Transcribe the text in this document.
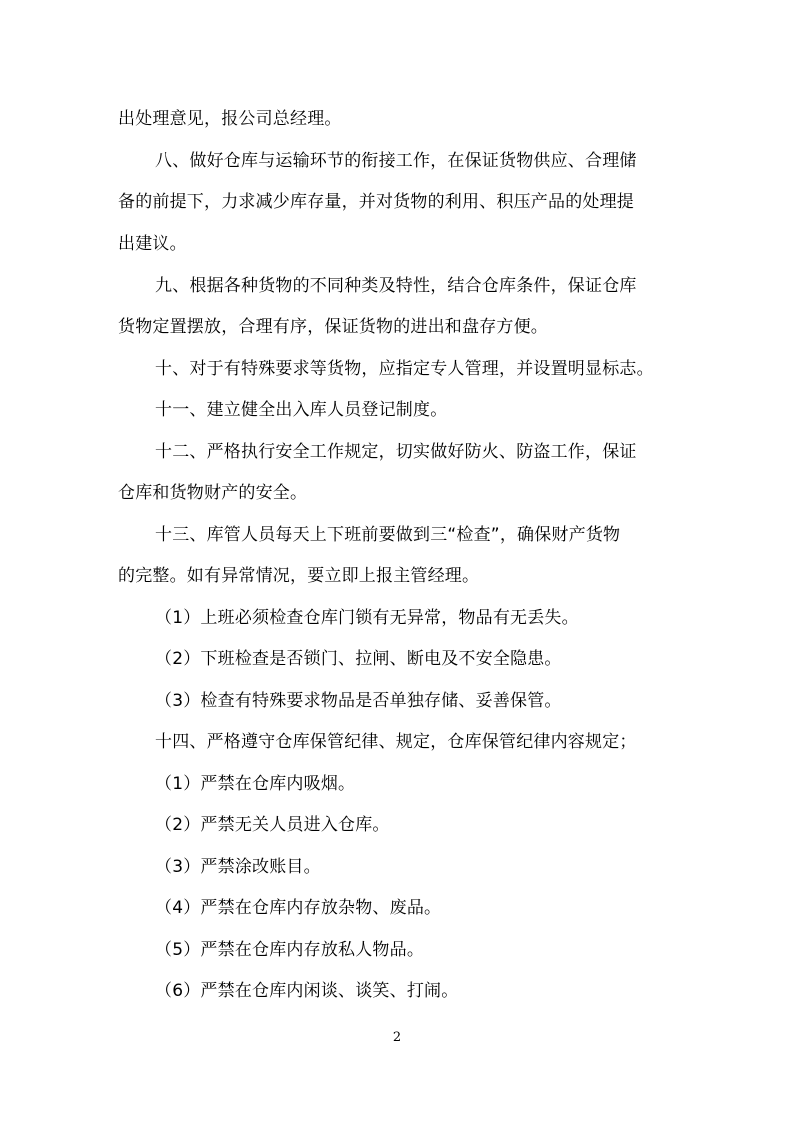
出处理意见，报公司总经理。
八、做好仓库与运输环节的衔接工作，在保证货物供应、合理储
备的前提下，力求减少库存量，并对货物的利用、积压产品的处理提
出建议。
九、根据各种货物的不同种类及特性，结合仓库条件，保证仓库
货物定置摆放，合理有序，保证货物的进出和盘存方便。
十、对于有特殊要求等货物，应指定专人管理，并设置明显标志。
十一、建立健全出入库人员登记制度。
十二、严格执行安全工作规定，切实做好防火、防盗工作，保证
仓库和货物财产的安全。
十三、库管人员每天上下班前要做到三“检查”，确保财产货物
的完整。如有异常情况，要立即上报主管经理。
（1）上班必须检查仓库门锁有无异常，物品有无丢失。
（2）下班检查是否锁门、拉闸、断电及不安全隐患。
（3）检查有特殊要求物品是否单独存储、妥善保管。
十四、严格遵守仓库保管纪律、规定，仓库保管纪律内容规定；
（1）严禁在仓库内吸烟。
（2）严禁无关人员进入仓库。
（3）严禁涂改账目。
（4）严禁在仓库内存放杂物、废品。
（5）严禁在仓库内存放私人物品。
（6）严禁在仓库内闲谈、谈笑、打闹。
2
